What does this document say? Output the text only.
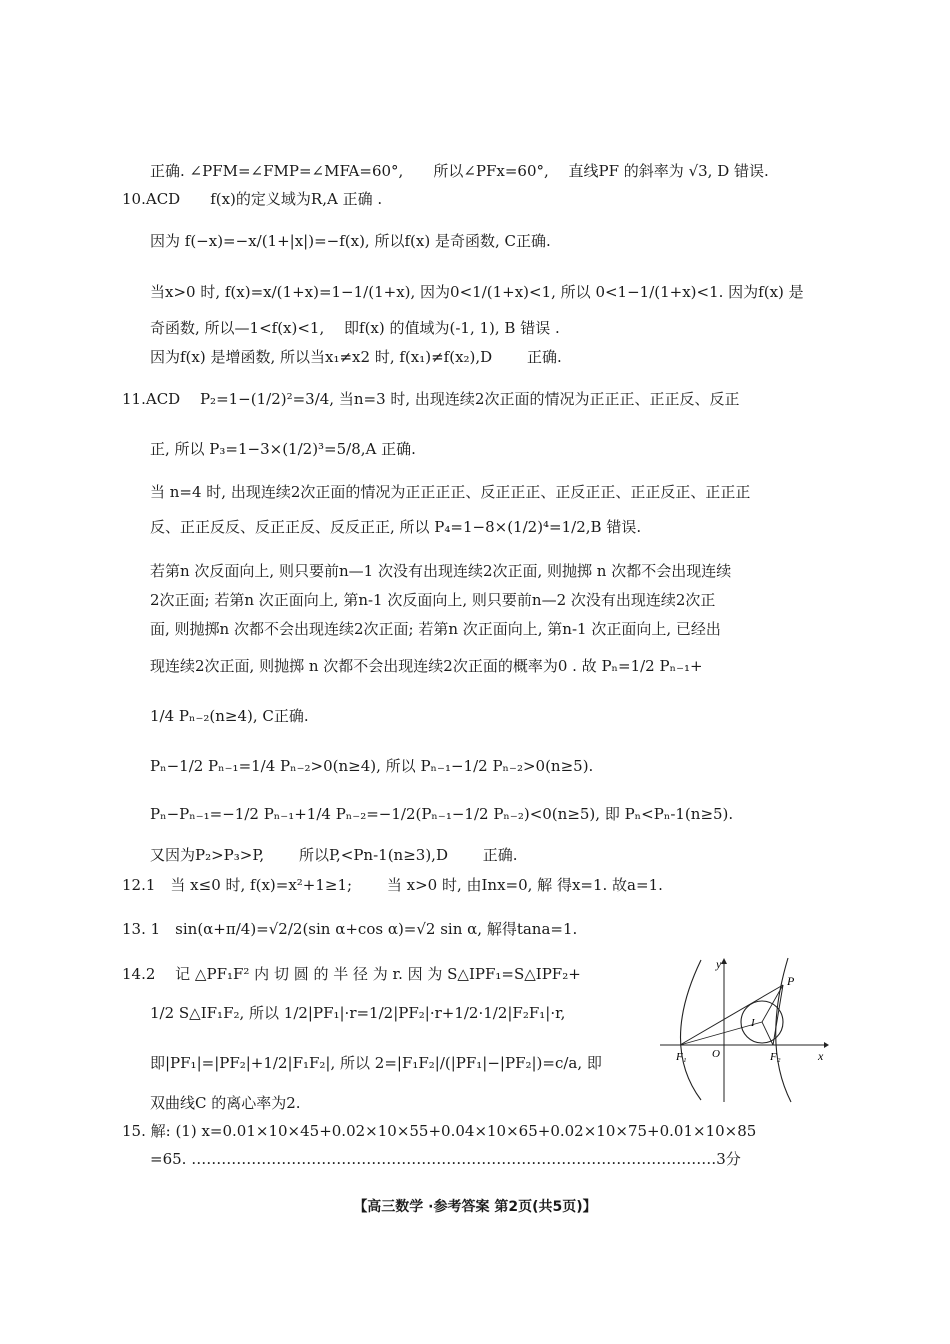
正确. ∠PFM=∠FMP=∠MFA=60°,　　所以∠PFx=60°,　 直线PF 的斜率为 √3, D 错误.
10.ACD　　f(x)的定义域为R,A 正确 .
因为 f(−x)=−x/(1+|x|)=−f(x), 所以f(x) 是奇函数, C正确.
当x>0 时, f(x)=x/(1+x)=1−1/(1+x), 因为0<1/(1+x)<1, 所以 0<1−1/(1+x)<1. 因为f(x) 是
奇函数, 所以—1<f(x)<1,　 即f(x) 的值域为(-1, 1), B 错误 .
因为f(x) 是增函数, 所以当x₁≠x2 时, f(x₁)≠f(x₂),D　　 正确.
11.ACD　 P₂=1−(1/2)²=3/4, 当n=3 时, 出现连续2次正面的情况为正正正、正正反、反正
正, 所以 P₃=1−3×(1/2)³=5/8,A 正确.
当 n=4 时, 出现连续2次正面的情况为正正正正、反正正正、正反正正、正正反正、正正正
反、正正反反、反正正反、反反正正, 所以 P₄=1−8×(1/2)⁴=1/2,B 错误.
若第n 次反面向上, 则只要前n—1 次没有出现连续2次正面, 则抛掷 n 次都不会出现连续
2次正面; 若第n 次正面向上, 第n-1 次反面向上, 则只要前n—2 次没有出现连续2次正
面, 则抛掷n 次都不会出现连续2次正面; 若第n 次正面向上, 第n-1 次正面向上, 已经出
现连续2次正面, 则抛掷 n 次都不会出现连续2次正面的概率为0 . 故 Pₙ=1/2 Pₙ₋₁+
1/4 Pₙ₋₂(n≥4), C正确.
Pₙ−1/2 Pₙ₋₁=1/4 Pₙ₋₂>0(n≥4), 所以 Pₙ₋₁−1/2 Pₙ₋₂>0(n≥5).
Pₙ−Pₙ₋₁=−1/2 Pₙ₋₁+1/4 Pₙ₋₂=−1/2(Pₙ₋₁−1/2 Pₙ₋₂)<0(n≥5), 即 Pₙ<Pₙ-1(n≥5).
又因为P₂>P₃>P,　　 所以P,<Pn-1(n≥3),D　　 正确.
12.1　当 x≤0 时, f(x)=x²+1≥1;　　 当 x>0 时, 由Inx=0, 解 得x=1. 故a=1.
13. 1　sin(α+π/4)=√2/2(sin α+cos α)=√2 sin α, 解得tana=1.
14.2　 记 △PF₁F² 内 切 圆 的 半 径 为 r. 因 为 S△IPF₁=S△IPF₂+
1/2 S△IF₁F₂, 所以 1/2|PF₁|·r=1/2|PF₂|·r+1/2·1/2|F₂F₁|·r,
即|PF₁|=|PF₂|+1/2|F₁F₂|, 所以 2=|F₁F₂|/(|PF₁|−|PF₂|)=c/a, 即
双曲线C 的离心率为2.
15. 解: (1) x=0.01×10×45+0.02×10×55+0.04×10×65+0.02×10×75+0.01×10×85
=65. ……………………………………………………………………………………………3分
y
x
P
I
O
F₁	F₂
【高三数学 ·参考答案 第2页(共5页)】
